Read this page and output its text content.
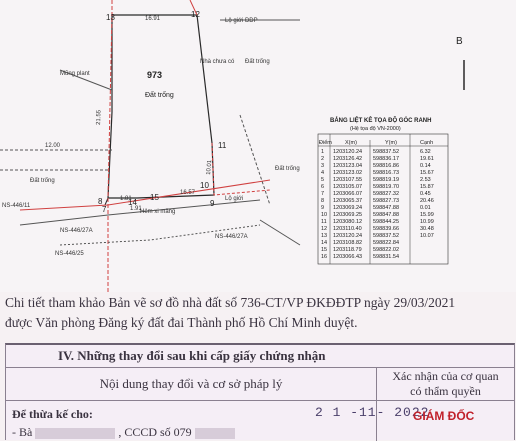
973
Đất trống
Nhà chưa có
Mũng plant
Lộ giới ĐĐP
Lộ giới
Hẻm xi măng
NS-446/11
NS-446/25
NS-446/27A
NS-446/27A
Đất trống
Đất trống
Đất trống
12
13
11
10
9
8
7
14
15
16.91
21.55
12.00
16.57
1.81
1.91
10.01
B
BẢNG LIỆT KÊ TỌA ĐỘ GÓC RANH
(Hệ tọa độ VN-2000)
Điểm X(m)	Y(m)	Cạnh
1 1203120.24 598837.52	6.32
2 1203126.42 598836.17	19.61
3 1203123.04 598816.86	0.14
4 1203123.02 598816.73	15.67
5 1203107.55 598819.19	2.53
6 1203105.07 598819.70	15.87
7 1203066.07 598827.32	0.45
8 1203065.37 598827.73	20.46
9 1203069.24 598847.88	0.01
10 1203069.25 598847.88	15.99
11 1203080.12 598844.25	10.99
12 1203110.40 598839.66	30.48
13 1203120.24 598837.52	10.07
14 1203108.82 598822.84
15 1203118.79 598822.02
16 1203066.43 598831.54
Chi tiết tham khảo Bản vẽ sơ đồ nhà đất số 736-CT/VP ĐKĐĐTP ngày 29/03/2021
được Văn phòng Đăng ký đất đai Thành phố Hồ Chí Minh duyệt.
IV. Những thay đổi sau khi cấp giấy chứng nhận
Nội dung thay đổi và cơ sở pháp lý	Xác nhận của cơ quan
có thẩm quyền
Để thừa kế cho:
- Bà	, CCCD số 079
2 1 -11- 2022
GIÁM ĐỐC
